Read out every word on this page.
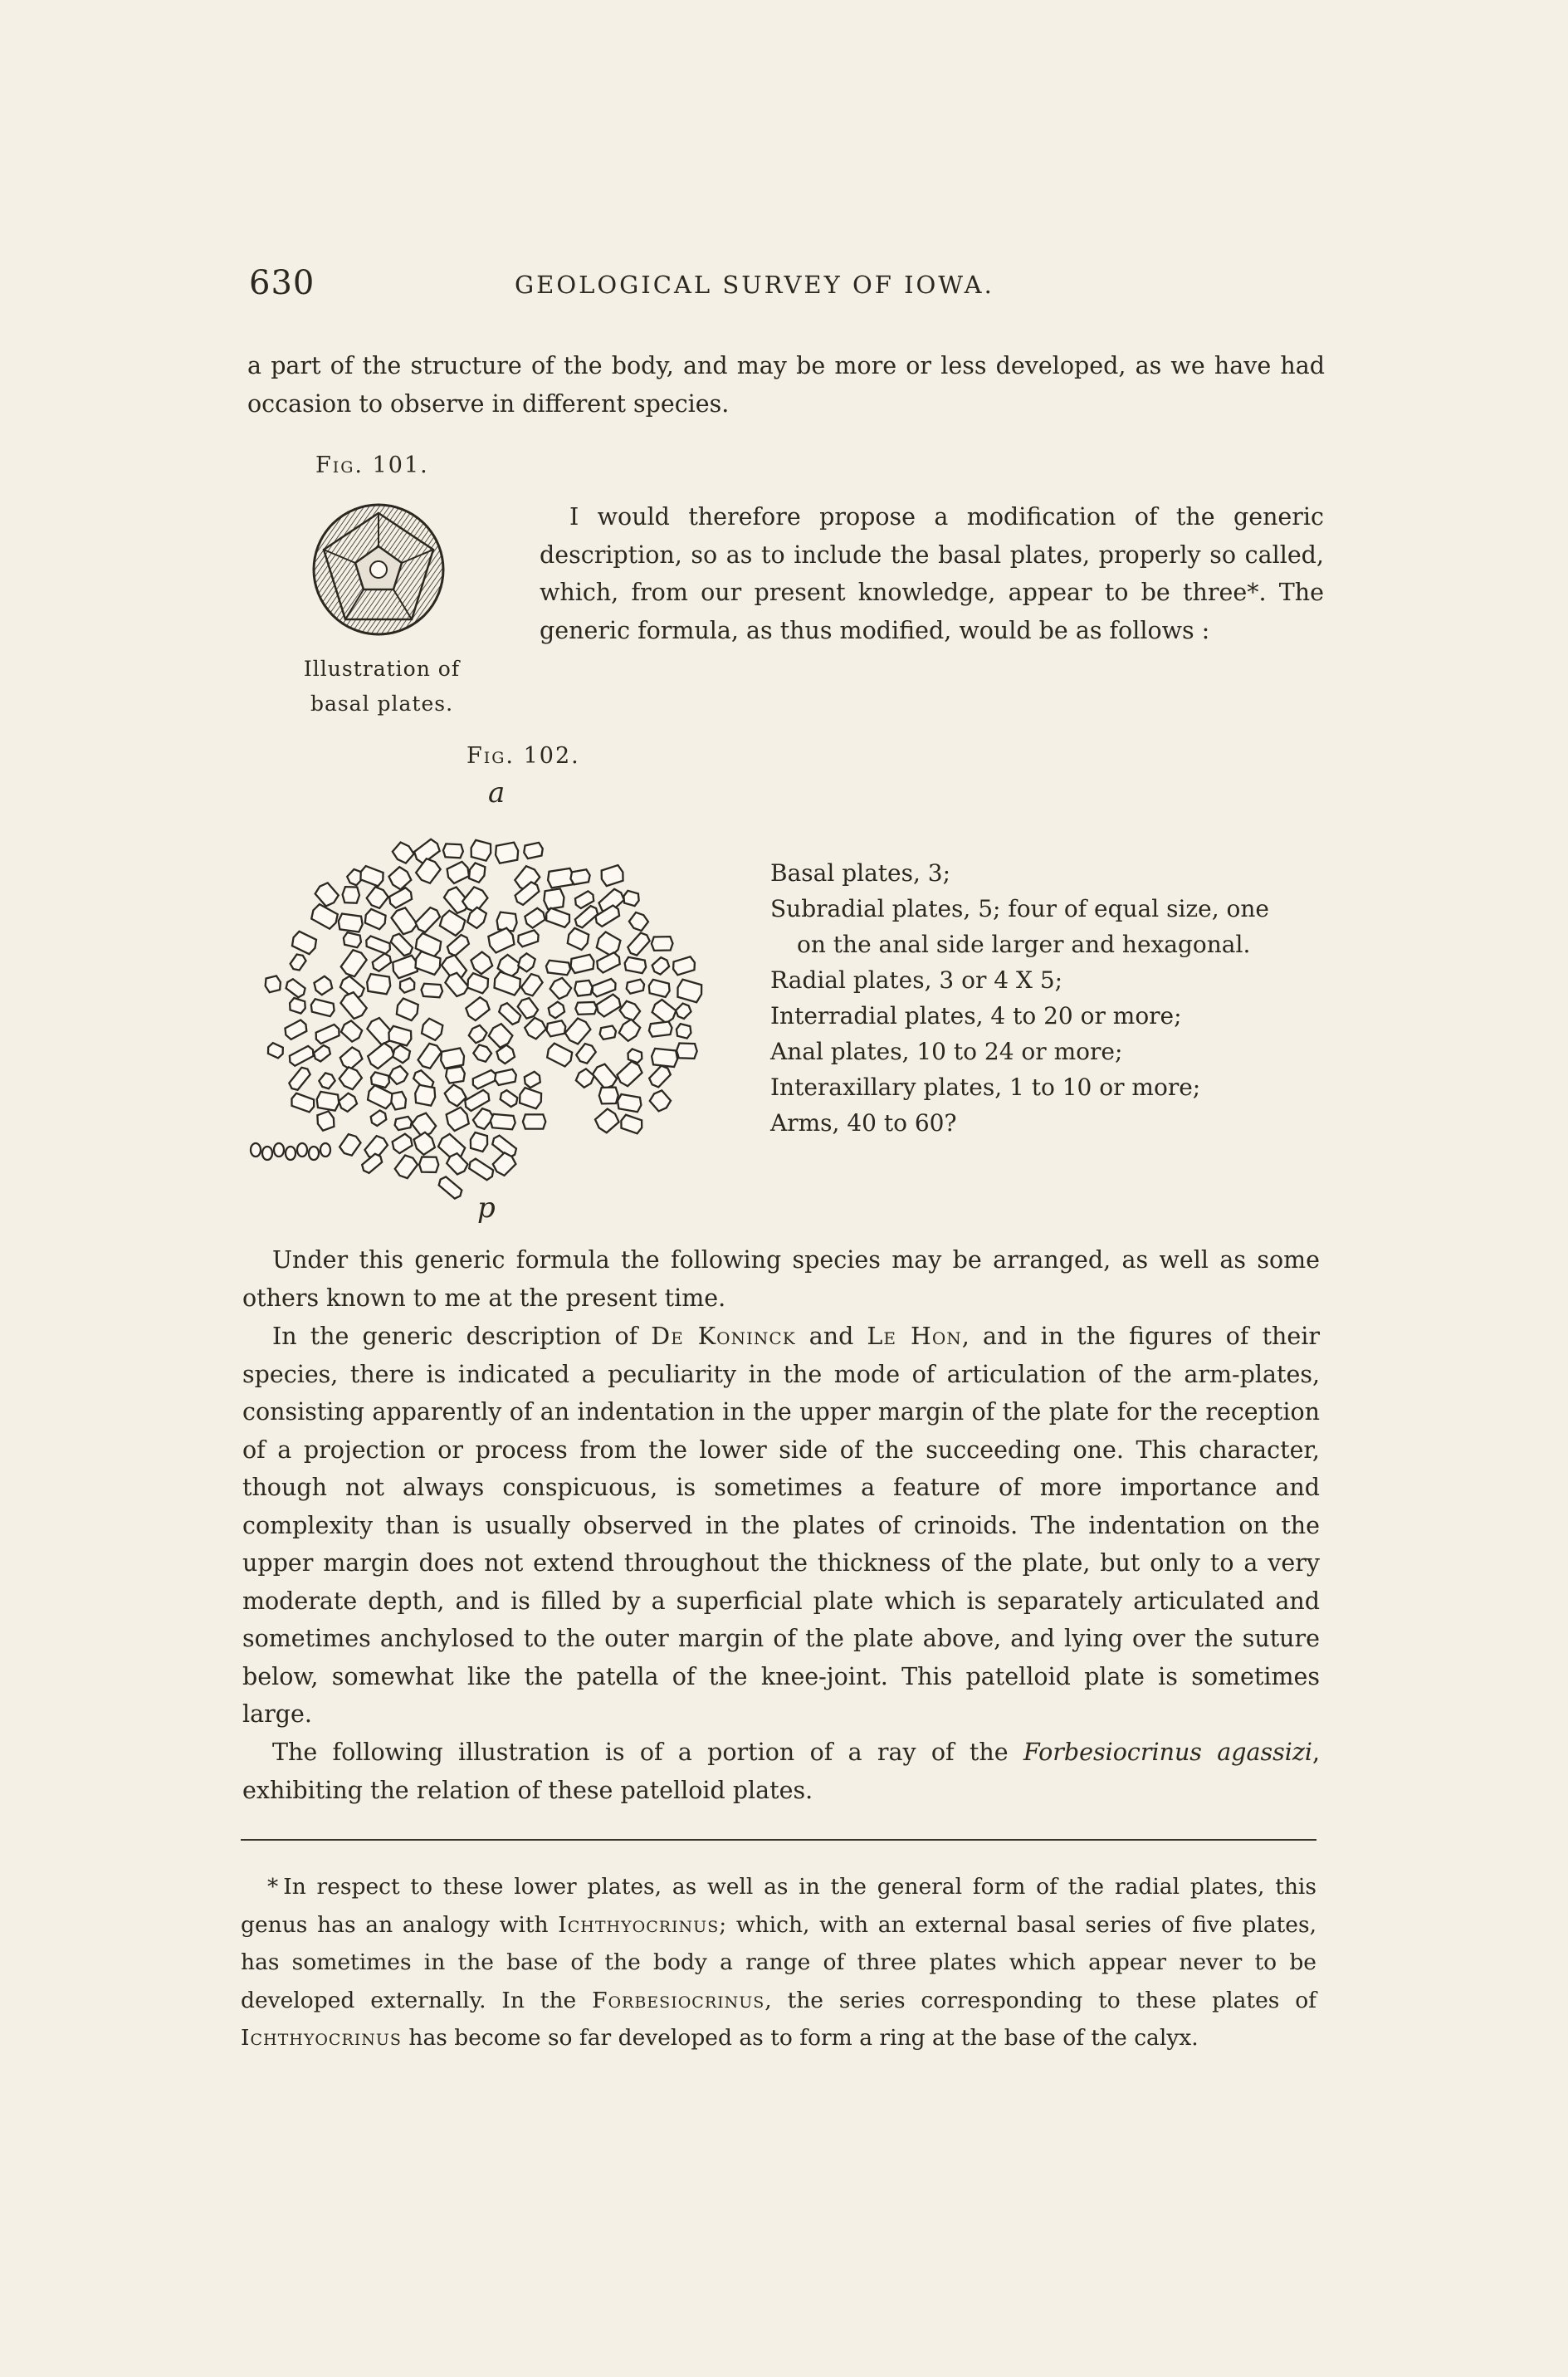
630	GEOLOGICAL SURVEY OF IOWA.

a part of the structure of the body, and may be more or less developed, as we have had occasion to observe in different species.

Fig. 101.
Illustration of
basal plates.

I would therefore propose a modification of the generic description, so as to include the basal plates, properly so called, which, from our present knowledge, appear to be three*. The generic formula, as thus modified, would be as follows :

Fig. 102.
a
p
Basal plates, 3;
Subradial plates, 5; four of equal size, one
on the anal side larger and hexagonal.
Radial plates, 3 or 4 X 5;
Interradial plates, 4 to 20 or more;
Anal plates, 10 to 24 or more;
Interaxillary plates, 1 to 10 or more;
Arms, 40 to 60?

Under this generic formula the following species may be arranged, as well as some others known to me at the present time.

In the generic description of De Koninck and Le Hon, and in the figures of their species, there is indicated a peculiarity in the mode of articulation of the arm-plates, consisting apparently of an indentation in the upper margin of the plate for the reception of a projection or process from the lower side of the succeeding one. This character, though not always conspicuous, is sometimes a feature of more importance and complexity than is usually observed in the plates of crinoids. The indentation on the upper margin does not extend throughout the thickness of the plate, but only to a very moderate depth, and is filled by a superficial plate which is separately articulated and sometimes anchylosed to the outer margin of the plate above, and lying over the suture below, somewhat like the patella of the knee-joint. This patelloid plate is sometimes large.

The following illustration is of a portion of a ray of the Forbesiocrinus agassizi, exhibiting the relation of these patelloid plates.

* In respect to these lower plates, as well as in the general form of the radial plates, this genus has an analogy with Ichthyocrinus; which, with an external basal series of five plates, has sometimes in the base of the body a range of three plates which appear never to be developed externally. In the Forbesiocrinus, the series corresponding to these plates of Ichthyocrinus has become so far developed as to form a ring at the base of the calyx.
